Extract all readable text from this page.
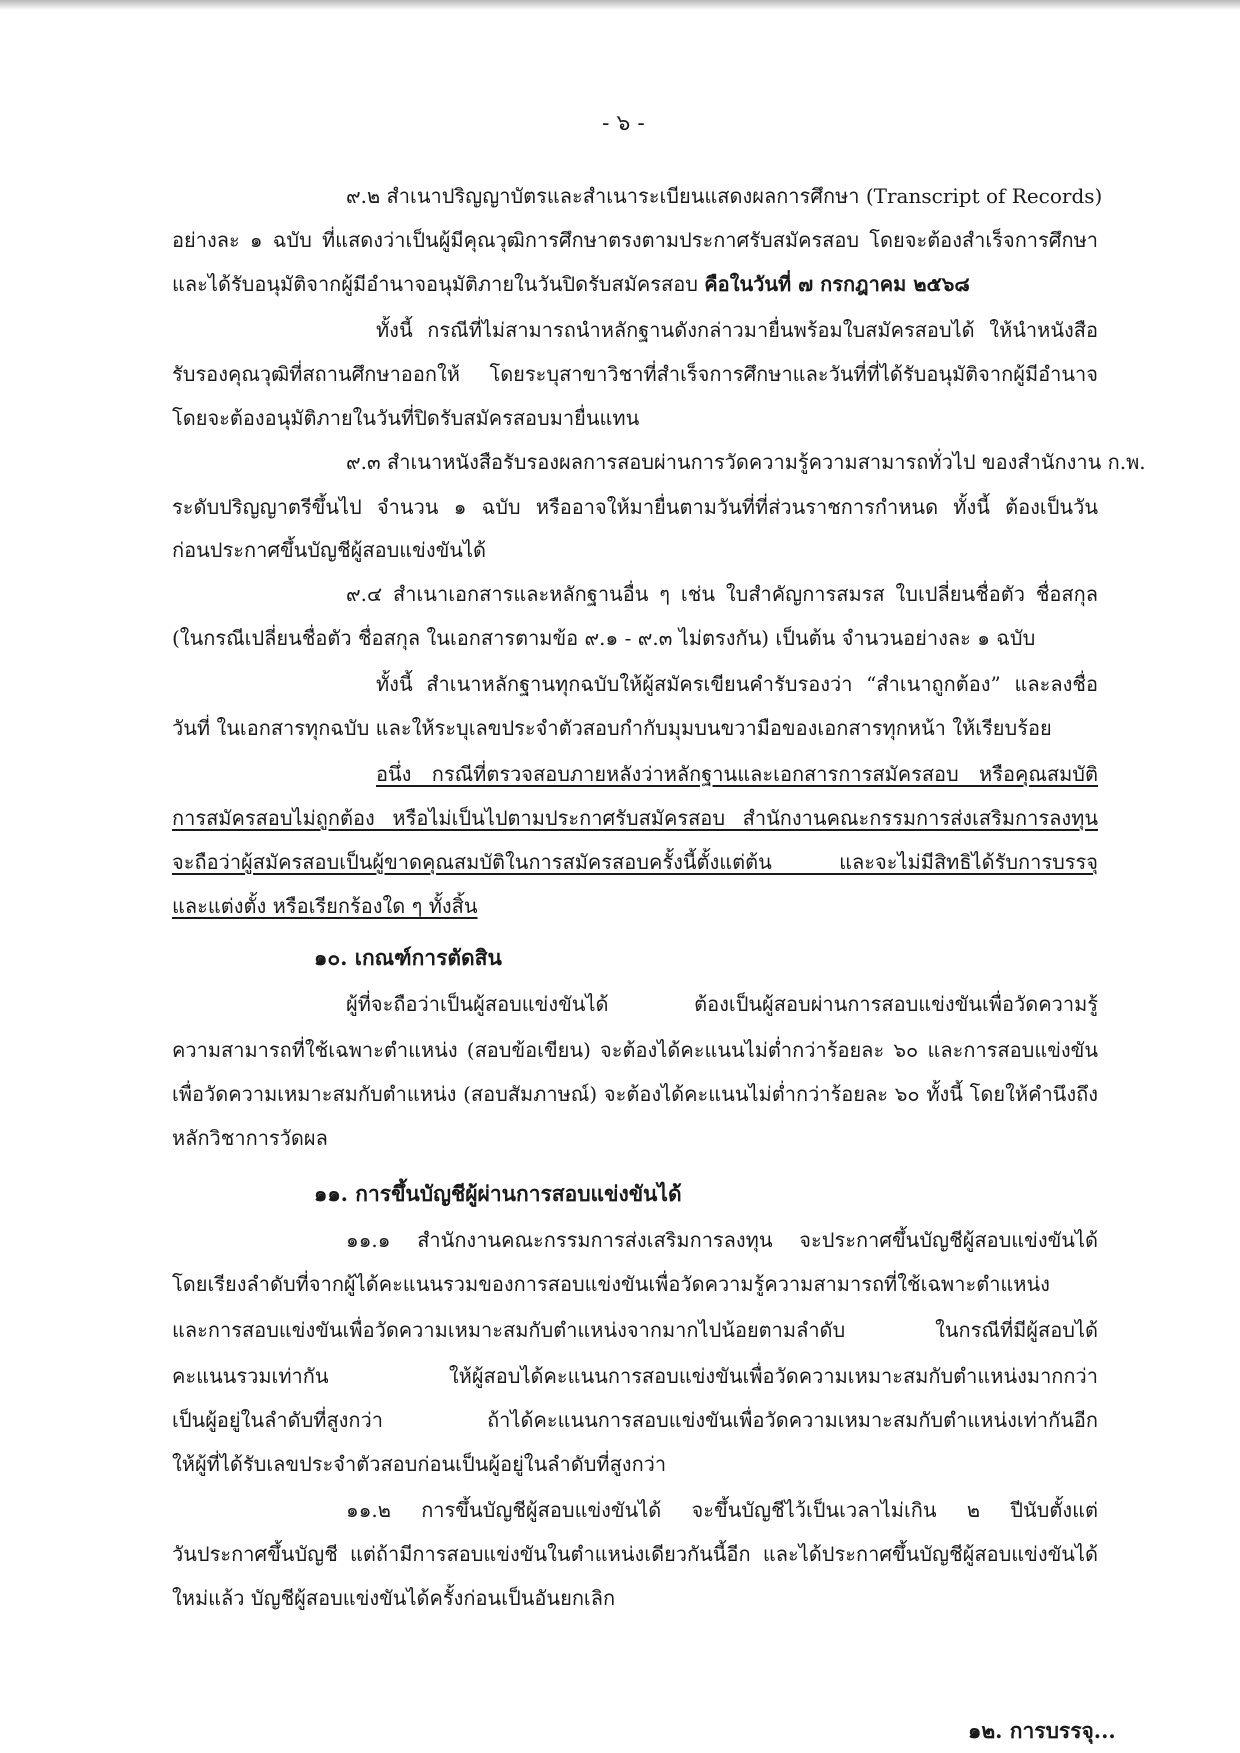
- ๖ -
๙.๒ สำเนาปริญญาบัตรและสำเนาระเบียนแสดงผลการศึกษา (Transcript of Records)
อย่างละ ๑ ฉบับ ที่แสดงว่าเป็นผู้มีคุณวุฒิการศึกษาตรงตามประกาศรับสมัครสอบ โดยจะต้องสำเร็จการศึกษา
และได้รับอนุมัติจากผู้มีอำนาจอนุมัติภายในวันปิดรับสมัครสอบ คือในวันที่ ๗ กรกฎาคม ๒๕๖๘
ทั้งนี้ กรณีที่ไม่สามารถนำหลักฐานดังกล่าวมายื่นพร้อมใบสมัครสอบได้ ให้นำหนังสือ
รับรองคุณวุฒิที่สถานศึกษาออกให้ โดยระบุสาขาวิชาที่สำเร็จการศึกษาและวันที่ที่ได้รับอนุมัติจากผู้มีอำนาจ
โดยจะต้องอนุมัติภายในวันที่ปิดรับสมัครสอบมายื่นแทน
๙.๓ สำเนาหนังสือรับรองผลการสอบผ่านการวัดความรู้ความสามารถทั่วไป ของสำนักงาน ก.พ.
ระดับปริญญาตรีขึ้นไป จำนวน ๑ ฉบับ หรืออาจให้มายื่นตามวันที่ที่ส่วนราชการกำหนด ทั้งนี้ ต้องเป็นวัน
ก่อนประกาศขึ้นบัญชีผู้สอบแข่งขันได้
๙.๔ สำเนาเอกสารและหลักฐานอื่น ๆ เช่น ใบสำคัญการสมรส ใบเปลี่ยนชื่อตัว ชื่อสกุล
(ในกรณีเปลี่ยนชื่อตัว ชื่อสกุล ในเอกสารตามข้อ ๙.๑ - ๙.๓ ไม่ตรงกัน) เป็นต้น จำนวนอย่างละ ๑ ฉบับ
ทั้งนี้ สำเนาหลักฐานทุกฉบับให้ผู้สมัครเขียนคำรับรองว่า “สำเนาถูกต้อง” และลงชื่อ
วันที่ ในเอกสารทุกฉบับ และให้ระบุเลขประจำตัวสอบกำกับมุมบนขวามือของเอกสารทุกหน้า ให้เรียบร้อย
อนึ่ง กรณีที่ตรวจสอบภายหลังว่าหลักฐานและเอกสารการสมัครสอบ หรือคุณสมบัติ
การสมัครสอบไม่ถูกต้อง หรือไม่เป็นไปตามประกาศรับสมัครสอบ สำนักงานคณะกรรมการส่งเสริมการลงทุน
จะถือว่าผู้สมัครสอบเป็นผู้ขาดคุณสมบัติในการสมัครสอบครั้งนี้ตั้งแต่ต้น และจะไม่มีสิทธิได้รับการบรรจุ
และแต่งตั้ง หรือเรียกร้องใด ๆ ทั้งสิ้น
๑๐. เกณฑ์การตัดสิน
ผู้ที่จะถือว่าเป็นผู้สอบแข่งขันได้ ต้องเป็นผู้สอบผ่านการสอบแข่งขันเพื่อวัดความรู้
ความสามารถที่ใช้เฉพาะตำแหน่ง (สอบข้อเขียน) จะต้องได้คะแนนไม่ต่ำกว่าร้อยละ ๖๐ และการสอบแข่งขัน
เพื่อวัดความเหมาะสมกับตำแหน่ง (สอบสัมภาษณ์) จะต้องได้คะแนนไม่ต่ำกว่าร้อยละ ๖๐ ทั้งนี้ โดยให้คำนึงถึง
หลักวิชาการวัดผล
๑๑. การขึ้นบัญชีผู้ผ่านการสอบแข่งขันได้
๑๑.๑ สำนักงานคณะกรรมการส่งเสริมการลงทุน จะประกาศขึ้นบัญชีผู้สอบแข่งขันได้
โดยเรียงลำดับที่จากผู้ได้คะแนนรวมของการสอบแข่งขันเพื่อวัดความรู้ความสามารถที่ใช้เฉพาะตำแหน่ง
และการสอบแข่งขันเพื่อวัดความเหมาะสมกับตำแหน่งจากมากไปน้อยตามลำดับ ในกรณีที่มีผู้สอบได้
คะแนนรวมเท่ากัน ให้ผู้สอบได้คะแนนการสอบแข่งขันเพื่อวัดความเหมาะสมกับตำแหน่งมากกว่า
เป็นผู้อยู่ในลำดับที่สูงกว่า ถ้าได้คะแนนการสอบแข่งขันเพื่อวัดความเหมาะสมกับตำแหน่งเท่ากันอีก
ให้ผู้ที่ได้รับเลขประจำตัวสอบก่อนเป็นผู้อยู่ในลำดับที่สูงกว่า
๑๑.๒ การขึ้นบัญชีผู้สอบแข่งขันได้ จะขึ้นบัญชีไว้เป็นเวลาไม่เกิน ๒ ปีนับตั้งแต่
วันประกาศขึ้นบัญชี แต่ถ้ามีการสอบแข่งขันในตำแหน่งเดียวกันนี้อีก และได้ประกาศขึ้นบัญชีผู้สอบแข่งขันได้
ใหม่แล้ว บัญชีผู้สอบแข่งขันได้ครั้งก่อนเป็นอันยกเลิก
๑๒. การบรรจุ...
